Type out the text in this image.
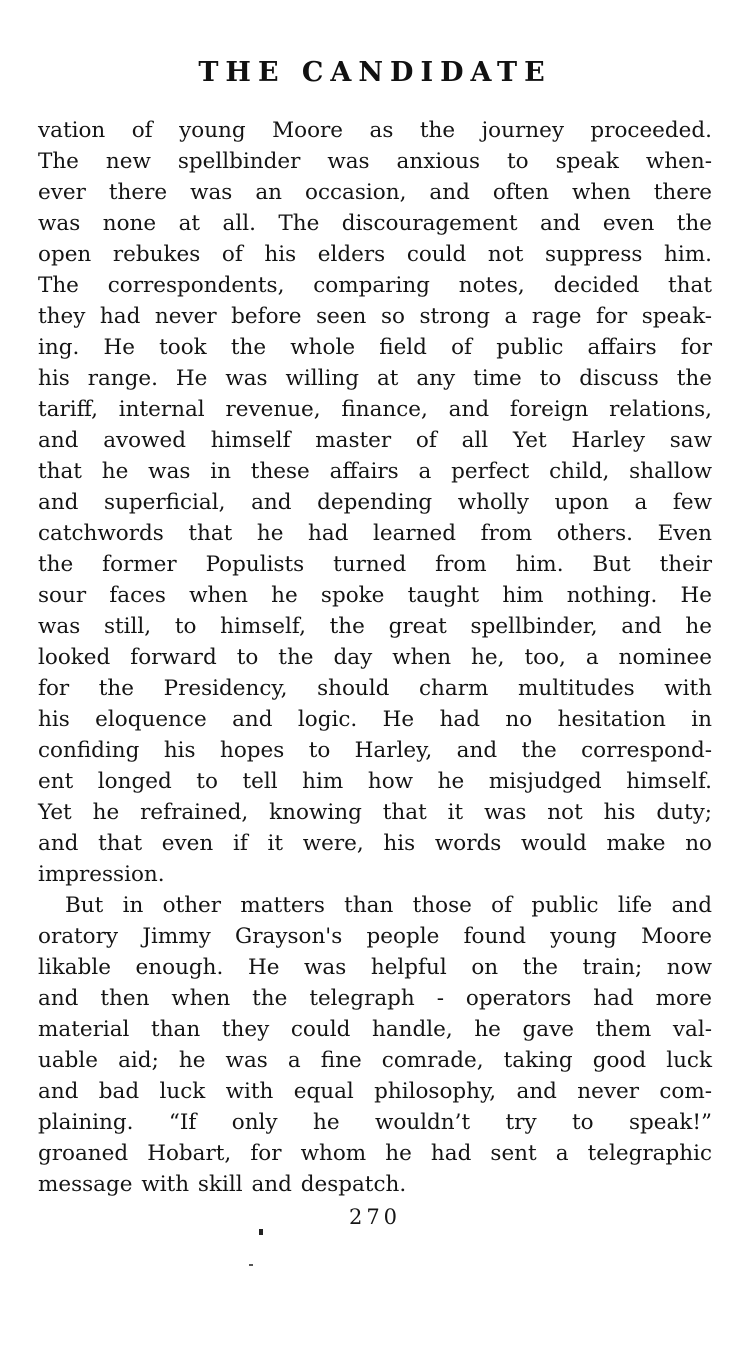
THE CANDIDATE
vation of young Moore as the journey proceeded.
The new spellbinder was anxious to speak when-
ever there was an occasion, and often when there
was none at all. The discouragement and even the
open rebukes of his elders could not suppress him.
The correspondents, comparing notes, decided that
they had never before seen so strong a rage for speak-
ing. He took the whole field of public affairs for
his range. He was willing at any time to discuss the
tariff, internal revenue, finance, and foreign relations,
and avowed himself master of all Yet Harley saw
that he was in these affairs a perfect child, shallow
and superficial, and depending wholly upon a few
catchwords that he had learned from others. Even
the former Populists turned from him. But their
sour faces when he spoke taught him nothing. He
was still, to himself, the great spellbinder, and he
looked forward to the day when he, too, a nominee
for the Presidency, should charm multitudes with
his eloquence and logic. He had no hesitation in
confiding his hopes to Harley, and the correspond-
ent longed to tell him how he misjudged himself.
Yet he refrained, knowing that it was not his duty;
and that even if it were, his words would make no
impression.
But in other matters than those of public life and
oratory Jimmy Grayson's people found young Moore
likable enough. He was helpful on the train; now
and then when the telegraph - operators had more
material than they could handle, he gave them val-
uable aid; he was a fine comrade, taking good luck
and bad luck with equal philosophy, and never com-
plaining. “If only he wouldn’t try to speak!”
groaned Hobart, for whom he had sent a telegraphic
message with skill and despatch.
270
